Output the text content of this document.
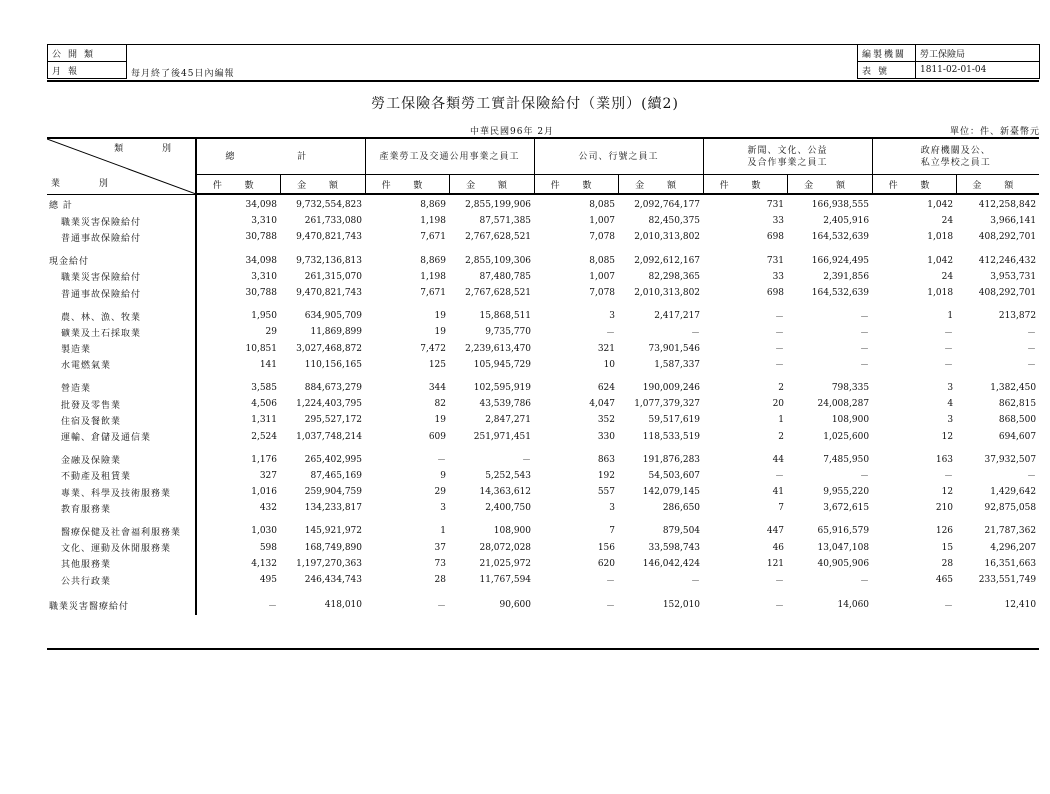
公開類
月報	每月終了後45日內編報
編製機關	勞工保險局
表號	1811-02-01-04
勞工保險各類勞工實計保險給付（業別）(續2)
中華民國96年 2月	單位：件、新臺幣元
類 別
業 別	總 計		產業勞工及交通公用事業之員工		公司、行號之員工		新聞、文化、公益
及合作事業之員工		政府機關及公、
私立學校之員工	
	件 數	金 額	件 數	金 額	件 數	金 額	件 數	金 額	件 數	金 額
總 計	34,098	9,732,554,823	8,869	2,855,199,906	8,085	2,092,764,177	731	166,938,555	1,042	412,258,842
職業災害保險給付	3,310	261,733,080	1,198	87,571,385	1,007	82,450,375	33	2,405,916	24	3,966,141
普通事故保險給付	30,788	9,470,821,743	7,671	2,767,628,521	7,078	2,010,313,802	698	164,532,639	1,018	408,292,701

現金給付	34,098	9,732,136,813	8,869	2,855,109,306	8,085	2,092,612,167	731	166,924,495	1,042	412,246,432
職業災害保險給付	3,310	261,315,070	1,198	87,480,785	1,007	82,298,365	33	2,391,856	24	3,953,731
普通事故保險給付	30,788	9,470,821,743	7,671	2,767,628,521	7,078	2,010,313,802	698	164,532,639	1,018	408,292,701

農、林、漁、牧業	1,950	634,905,709	19	15,868,511	3	2,417,217	－	－	1	213,872
礦業及土石採取業	29	11,869,899	19	9,735,770	－	－	－	－	－	－
製造業	10,851	3,027,468,872	7,472	2,239,613,470	321	73,901,546	－	－	－	－
水電燃氣業	141	110,156,165	125	105,945,729	10	1,587,337	－	－	－	－

營造業	3,585	884,673,279	344	102,595,919	624	190,009,246	2	798,335	3	1,382,450
批發及零售業	4,506	1,224,403,795	82	43,539,786	4,047	1,077,379,327	20	24,008,287	4	862,815
住宿及餐飲業	1,311	295,527,172	19	2,847,271	352	59,517,619	1	108,900	3	868,500
運輸、倉儲及通信業	2,524	1,037,748,214	609	251,971,451	330	118,533,519	2	1,025,600	12	694,607

金融及保險業	1,176	265,402,995	－	－	863	191,876,283	44	7,485,950	163	37,932,507
不動產及租賃業	327	87,465,169	9	5,252,543	192	54,503,607	－	－	－	－
專業、科學及技術服務業	1,016	259,904,759	29	14,363,612	557	142,079,145	41	9,955,220	12	1,429,642
教育服務業	432	134,233,817	3	2,400,750	3	286,650	7	3,672,615	210	92,875,058

醫療保健及社會福利服務業	1,030	145,921,972	1	108,900	7	879,504	447	65,916,579	126	21,787,362
文化、運動及休閒服務業	598	168,749,890	37	28,072,028	156	33,598,743	46	13,047,108	15	4,296,207
其他服務業	4,132	1,197,270,363	73	21,025,972	620	146,042,424	121	40,905,906	28	16,351,663
公共行政業	495	246,434,743	28	11,767,594	－	－	－	－	465	233,551,749

職業災害醫療給付	－	418,010	－	90,600	－	152,010	－	14,060	－	12,410
